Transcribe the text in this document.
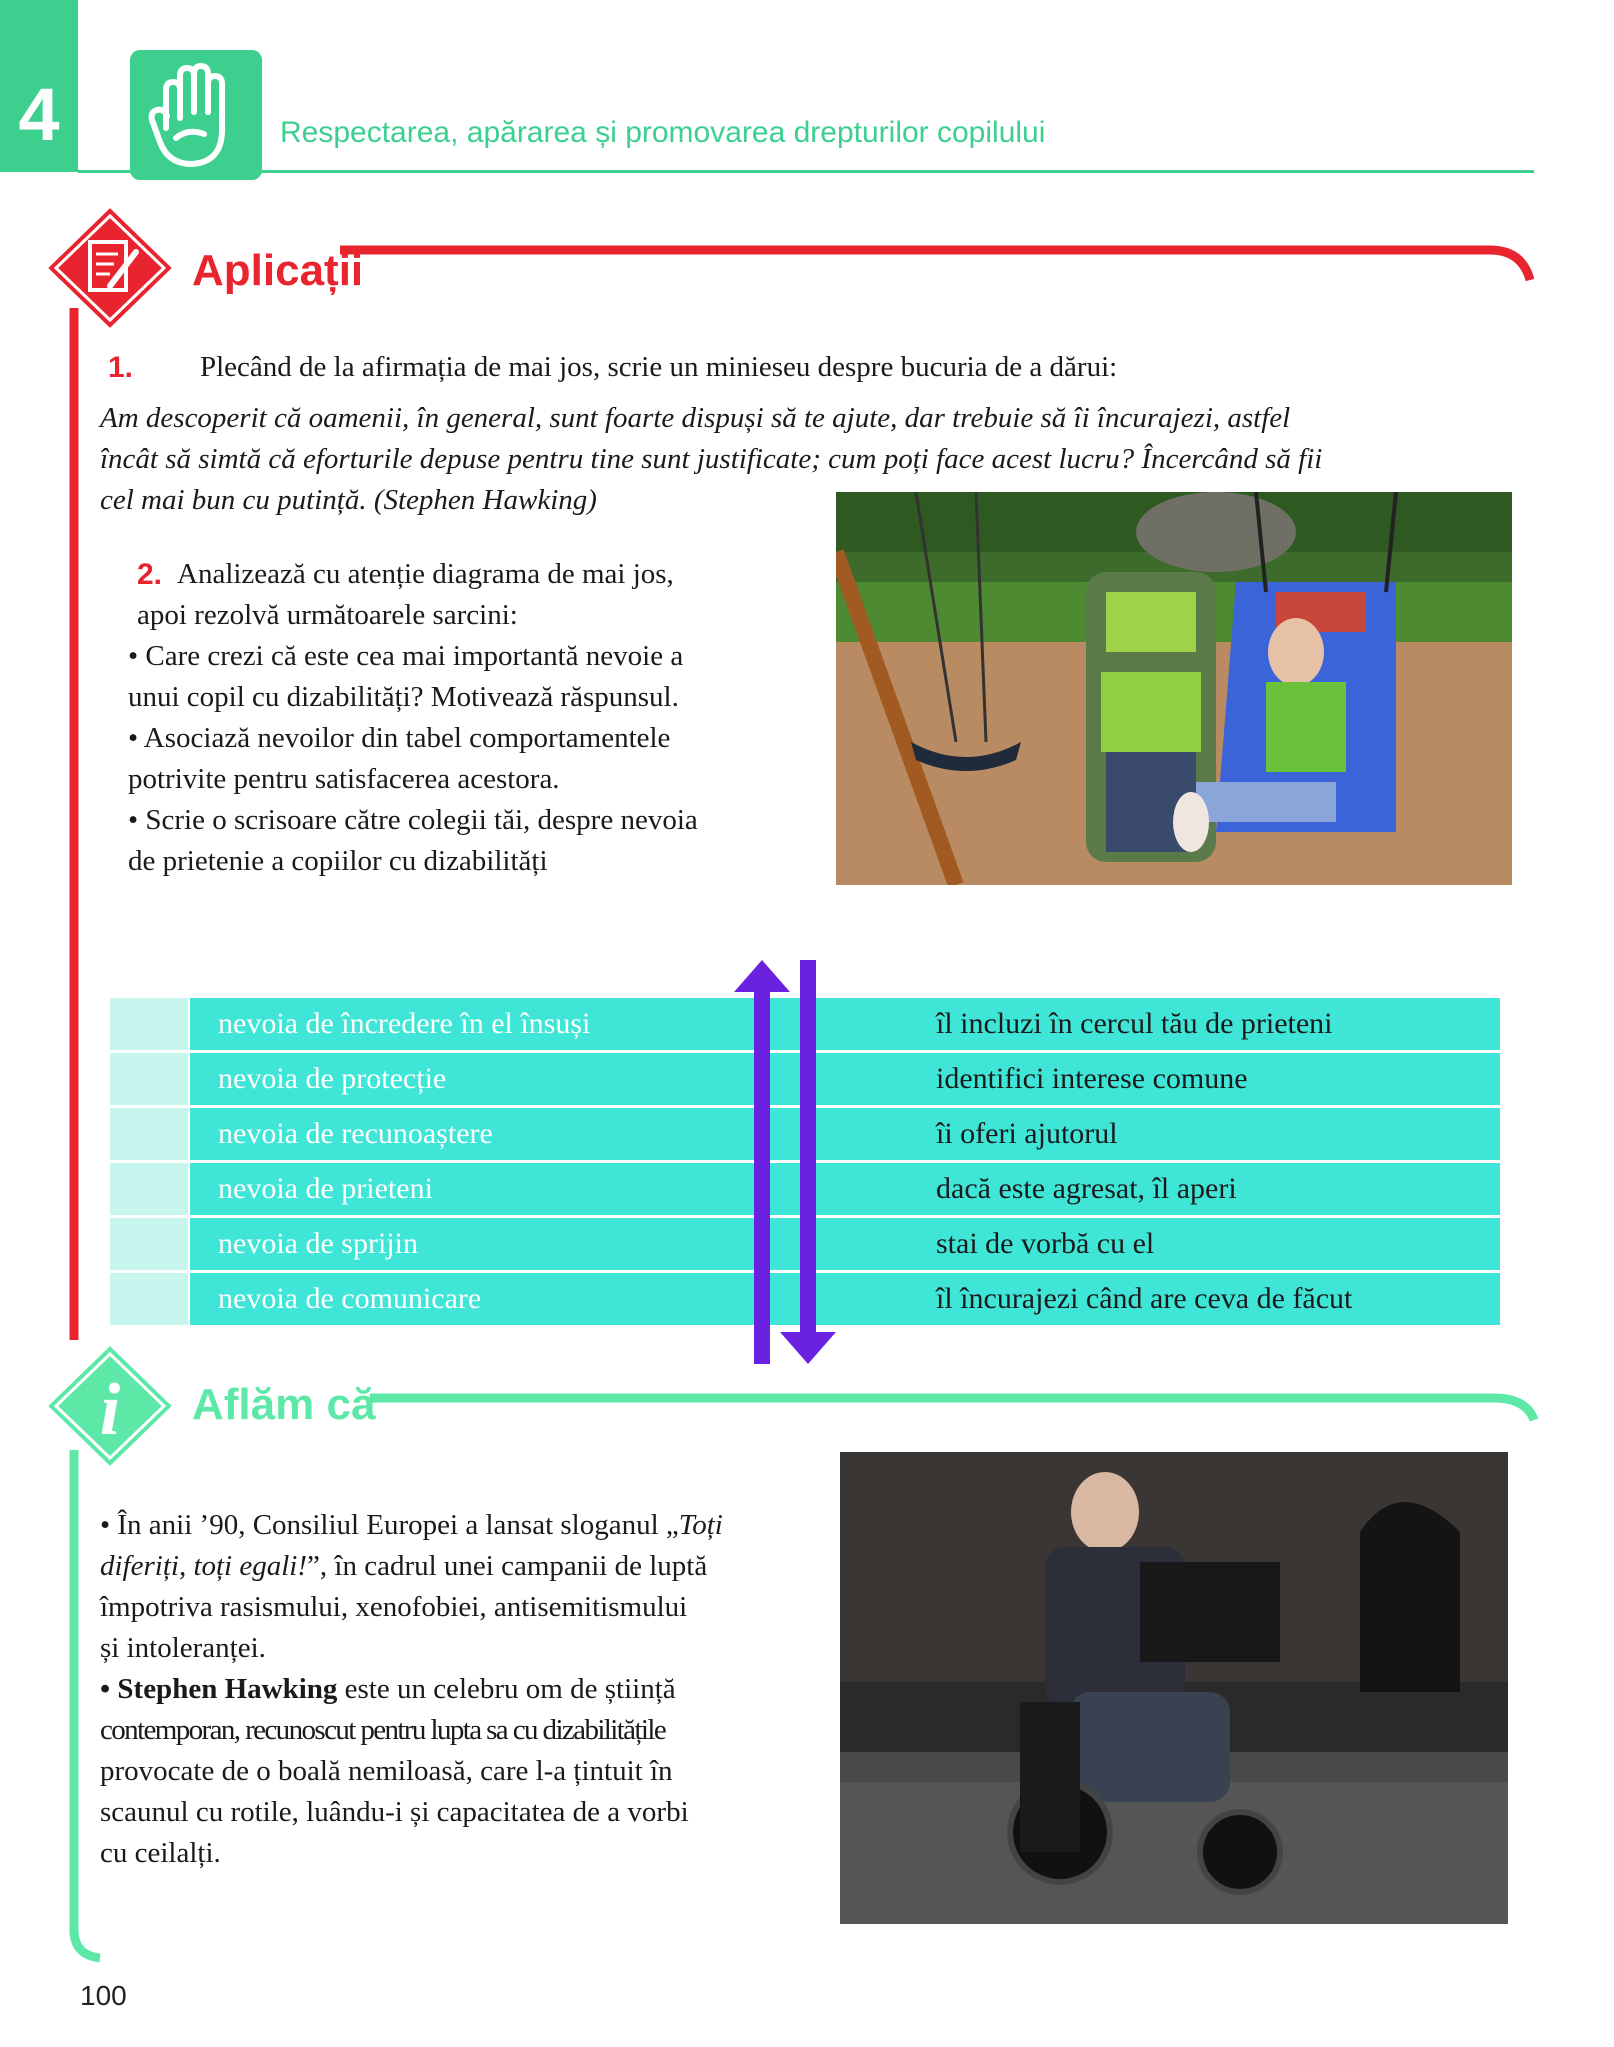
4	Respectarea, apărarea și promovarea drepturilor copilului
Aplicații
1. Plecând de la afirmația de mai jos, scrie un minieseu despre bucuria de a dărui:
Am descoperit că oamenii, în general, sunt foarte dispuși să te ajute, dar trebuie să îi încurajezi, astfel
încât să simtă că eforturile depuse pentru tine sunt justificate; cum poți face acest lucru? Încercând să fii
cel mai bun cu putință. (Stephen Hawking)
2. Analizează cu atenție diagrama de mai jos,
apoi rezolvă următoarele sarcini:
• Care crezi că este cea mai importantă nevoie a
unui copil cu dizabilități? Motivează răspunsul.
• Asociază nevoilor din tabel comportamentele
potrivite pentru satisfacerea acestora.
• Scrie o scrisoare către colegii tăi, despre nevoia
de prietenie a copiilor cu dizabilități
nevoia de încredere în el însuși	îl incluzi în cercul tău de prieteni
nevoia de protecție	identifici interese comune
nevoia de recunoaștere	îi oferi ajutorul
nevoia de prieteni	dacă este agresat, îl aperi
nevoia de sprijin	stai de vorbă cu el
nevoia de comunicare	îl încurajezi când are ceva de făcut
i Aflăm că
• În anii ’90, Consiliul Europei a lansat sloganul „Toți
diferiți, toți egali!”, în cadrul unei campanii de luptă
împotriva rasismului, xenofobiei, antisemitismului
și intoleranței.
• Stephen Hawking este un celebru om de știință
contemporan, recunoscut pentru lupta sa cu dizabilitățile
provocate de o boală nemiloasă, care l-a țintuit în
scaunul cu rotile, luându-i și capacitatea de a vorbi
cu ceilalți.
100
